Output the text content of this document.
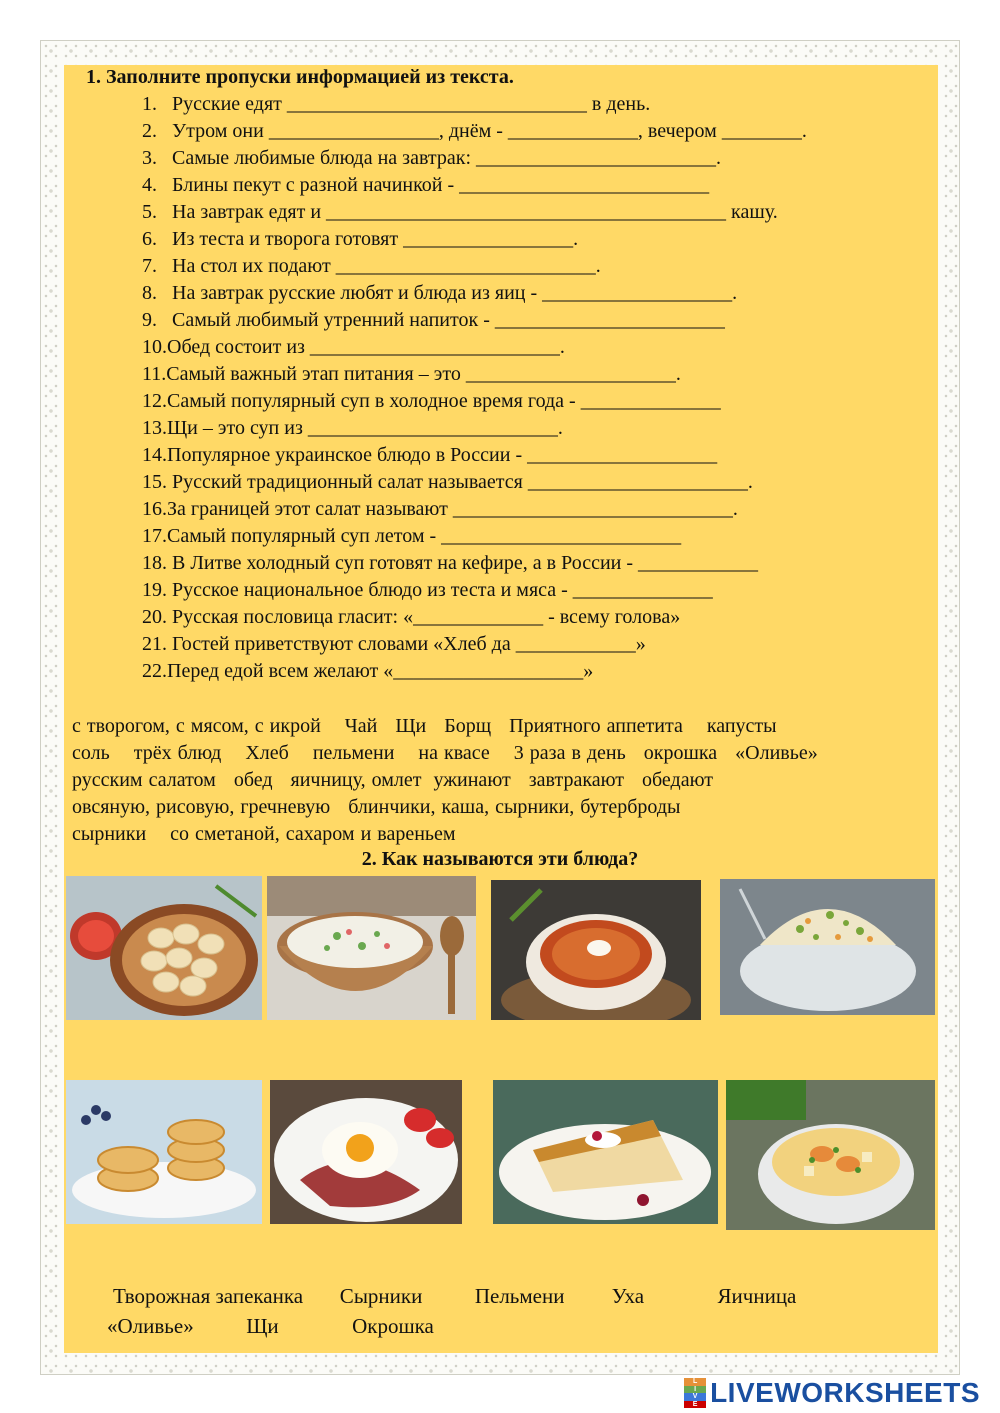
1. Заполните пропуски информацией из текста.
1. Русские едят ______________________________ в день.
2. Утром они _________________, днём - _____________, вечером ________.
3. Самые любимые блюда на завтрак: ________________________.
4. Блины пекут с разной начинкой - _________________________
5. На завтрак едят и ________________________________________ кашу.
6. Из теста и творога готовят _________________.
7. На стол их подают __________________________.
8. На завтрак русские любят и блюда из яиц - ___________________.
9. Самый любимый утренний напиток - _______________________
10.Обед состоит из _________________________.
11.Самый важный этап питания – это _____________________.
12.Самый популярный суп в холодное время года - ______________
13.Щи – это суп из _________________________.
14.Популярное украинское блюдо в России - ___________________
15. Русский традиционный салат называется ______________________.
16.За границей этот салат называют ____________________________.
17.Самый популярный суп летом - ________________________
18. В Литве холодный суп готовят на кефире, а в России - ____________
19. Русское национальное блюдо из теста и мяса - ______________
20. Русская пословица гласит: «_____________ - всему голова»
21. Гостей приветствуют словами «Хлеб да ____________»
22.Перед едой всем желают «___________________»
с творогом, с мясом, с икрой    Чай   Щи   Борщ   Приятного аппетита    капусты
соль    трёх блюд    Хлеб    пельмени    на квасе    3 раза в день   окрошка   «Оливье»
русским салатом   обед   яичницу, омлет  ужинают   завтракают   обедают
овсяную, рисовую, гречневую   блинчики, каша, сырники, бутерброды
сырники    со сметаной, сахаром и вареньем
2. Как называются эти блюда?
Творожная запеканка       Сырники          Пельмени         Уха              Яичница
«Оливье»          Щи              Окрошка
L
I
V
E LIVEWORKSHEETS
